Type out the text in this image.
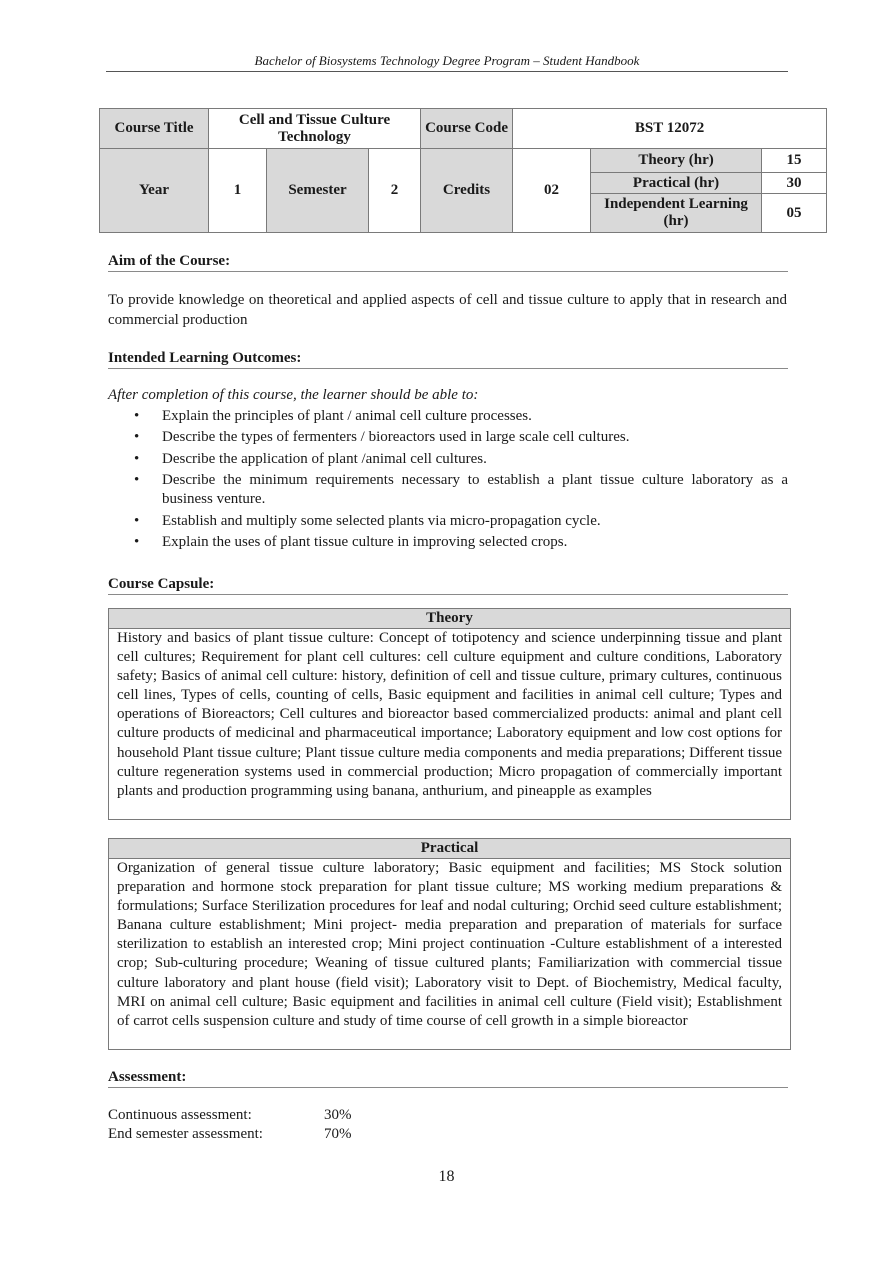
Bachelor of Biosystems Technology Degree Program – Student Handbook
Course Title	Cell and Tissue Culture Technology			Course Code	BST 12072		
Year	1	Semester	2	Credits	02	Theory (hr)	15
						Practical (hr)	30
						Independent Learning (hr)	05
Aim of the Course:
To provide knowledge on theoretical and applied aspects of cell and tissue culture to apply that in research and commercial production
Intended Learning Outcomes:
After completion of this course, the learner should be able to:
• Explain the principles of plant / animal cell culture processes.
• Describe the types of fermenters / bioreactors used in large scale cell cultures.
• Describe the application of plant /animal cell cultures.
• Describe the minimum requirements necessary to establish a plant tissue culture laboratory as a business venture.
• Establish and multiply some selected plants via micro-propagation cycle.
• Explain the uses of plant tissue culture in improving selected crops.
Course Capsule:
Theory
History and basics of plant tissue culture: Concept of totipotency and science underpinning tissue and plant cell cultures; Requirement for plant cell cultures: cell culture equipment and culture conditions, Laboratory safety; Basics of animal cell culture: history, definition of cell and tissue culture, primary cultures, continuous cell lines, Types of cells, counting of cells, Basic equipment and facilities in animal cell culture; Types and operations of Bioreactors; Cell cultures and bioreactor based commercialized products: animal and plant cell culture products of medicinal and pharmaceutical importance; Laboratory equipment and low cost options for household Plant tissue culture; Plant tissue culture media components and media preparations; Different tissue culture regeneration systems used in commercial production; Micro propagation of commercially important plants and production programming using banana, anthurium, and pineapple as examples
Practical
Organization of general tissue culture laboratory; Basic equipment and facilities; MS Stock solution preparation and hormone stock preparation for plant tissue culture; MS working medium preparations & formulations; Surface Sterilization procedures for leaf and nodal culturing; Orchid seed culture establishment; Banana culture establishment; Mini project- media preparation and preparation of materials for surface sterilization to establish an interested crop; Mini project continuation -Culture establishment of a interested crop; Sub-culturing procedure; Weaning of tissue cultured plants; Familiarization with commercial tissue culture laboratory and plant house (field visit); Laboratory visit to Dept. of Biochemistry, Medical faculty, MRI on animal cell culture; Basic equipment and facilities in animal cell culture (Field visit); Establishment of carrot cells suspension culture and study of time course of cell growth in a simple bioreactor
Assessment:
Continuous assessment:	30%
End semester assessment:	70%
18
